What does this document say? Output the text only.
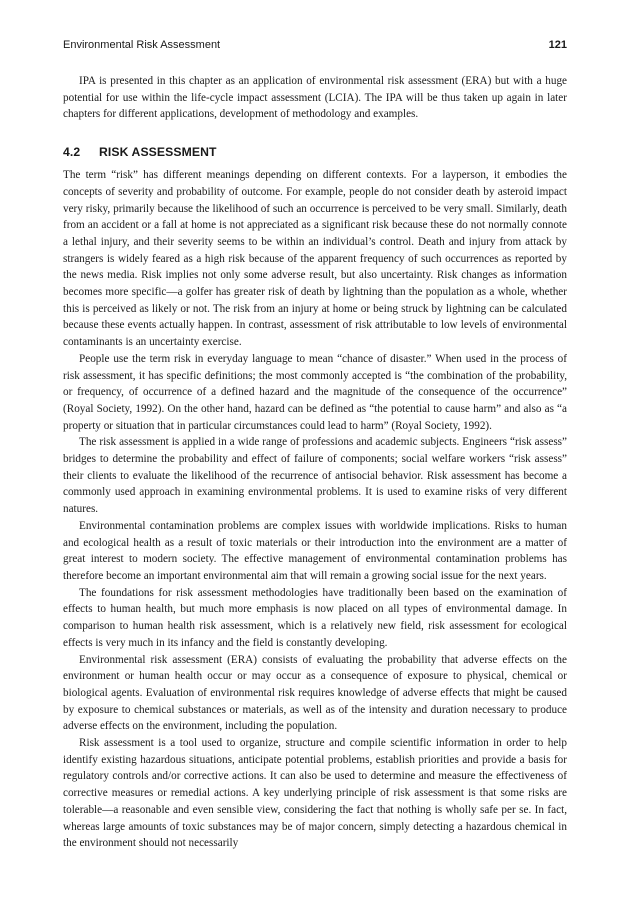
Environmental Risk Assessment	121

IPA is presented in this chapter as an application of environmental risk assessment (ERA) but with a huge potential for use within the life-cycle impact assessment (LCIA). The IPA will be thus taken up again in later chapters for different applications, development of methodology and examples.

4.2 RISK ASSESSMENT

The term “risk” has different meanings depending on different contexts. For a layperson, it embodies the concepts of severity and probability of outcome. For example, people do not consider death by asteroid impact very risky, primarily because the likelihood of such an occurrence is perceived to be very small. Similarly, death from an accident or a fall at home is not appreciated as a significant risk because these do not normally connote a lethal injury, and their severity seems to be within an individual’s control. Death and injury from attack by strangers is widely feared as a high risk because of the apparent frequency of such occurrences as reported by the news media. Risk implies not only some adverse result, but also uncertainty. Risk changes as information becomes more specific—a golfer has greater risk of death by lightning than the population as a whole, whether this is perceived as likely or not. The risk from an injury at home or being struck by lightning can be calculated because these events actually happen. In contrast, assessment of risk attributable to low levels of environmental contaminants is an uncertainty exercise.

People use the term risk in everyday language to mean “chance of disaster.” When used in the process of risk assessment, it has specific definitions; the most commonly accepted is “the combination of the probability, or frequency, of occurrence of a defined hazard and the magnitude of the consequence of the occurrence” (Royal Society, 1992). On the other hand, hazard can be defined as “the potential to cause harm” and also as “a property or situation that in particular circumstances could lead to harm” (Royal Society, 1992).

The risk assessment is applied in a wide range of professions and academic subjects. Engineers “risk assess” bridges to determine the probability and effect of failure of components; social welfare workers “risk assess” their clients to evaluate the likelihood of the recurrence of antisocial behavior. Risk assessment has become a commonly used approach in examining environmental problems. It is used to examine risks of very different natures.

Environmental contamination problems are complex issues with worldwide implications. Risks to human and ecological health as a result of toxic materials or their introduction into the environment are a matter of great interest to modern society. The effective management of environmental contamination problems has therefore become an important environmental aim that will remain a growing social issue for the next years.

The foundations for risk assessment methodologies have traditionally been based on the examination of effects to human health, but much more emphasis is now placed on all types of environmental damage. In comparison to human health risk assessment, which is a relatively new field, risk assessment for ecological effects is very much in its infancy and the field is constantly developing.

Environmental risk assessment (ERA) consists of evaluating the probability that adverse effects on the environment or human health occur or may occur as a consequence of exposure to physical, chemical or biological agents. Evaluation of environmental risk requires knowledge of adverse effects that might be caused by exposure to chemical substances or materials, as well as of the intensity and duration necessary to produce adverse effects on the environment, including the population.

Risk assessment is a tool used to organize, structure and compile scientific information in order to help identify existing hazardous situations, anticipate potential problems, establish priorities and provide a basis for regulatory controls and/or corrective actions. It can also be used to determine and measure the effectiveness of corrective measures or remedial actions. A key underlying principle of risk assessment is that some risks are tolerable—a reasonable and even sensible view, considering the fact that nothing is wholly safe per se. In fact, whereas large amounts of toxic substances may be of major concern, simply detecting a hazardous chemical in the environment should not necessarily
